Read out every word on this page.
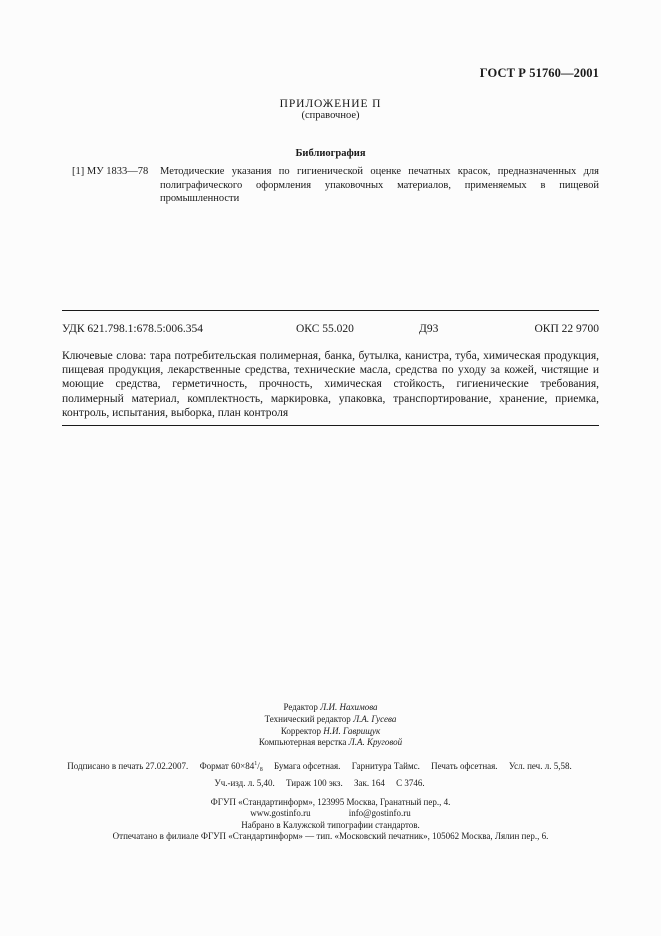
ГОСТ Р 51760—2001
ПРИЛОЖЕНИЕ П
(справочное)
Библиография
[1] МУ 1833—78	Методические указания по гигиенической оценке печатных красок, предназначенных для полиграфического оформления упаковочных материалов, применяемых в пищевой промышленности
УДК 621.798.1:678.5:006.354	ОКС 55.020	Д93	ОКП 22 9700
Ключевые слова: тара потребительская полимерная, банка, бутылка, канистра, туба, химическая продукция, пищевая продукция, лекарственные средства, технические масла, средства по уходу за кожей, чистящие и моющие средства, герметичность, прочность, химическая стойкость, гигиенические требования, полимерный материал, комплектность, маркировка, упаковка, транспортирование, хранение, приемка, контроль, испытания, выборка, план контроля
Редактор Л.И. Нахимова
Технический редактор Л.А. Гусева
Корректор Н.И. Гаврищук
Компьютерная верстка Л.А. Круговой
Подписано в печать 27.02.2007. Формат $60\times 84^1/_8$ Бумага офсетная. Гарнитура Таймс. Печать офсетная. Усл. печ. л. 5,58.
Уч.-изд. л. 5,40. Тираж 100 экз. Зак. 164 С 3746.
ФГУП «Стандартинформ», 123995 Москва, Гранатный пер., 4.
www.gostinfo.ru	info@gostinfo.ru
Набрано в Калужской типографии стандартов.
Отпечатано в филиале ФГУП «Стандартинформ» — тип. «Московский печатник», 105062 Москва, Лялин пер., 6.
